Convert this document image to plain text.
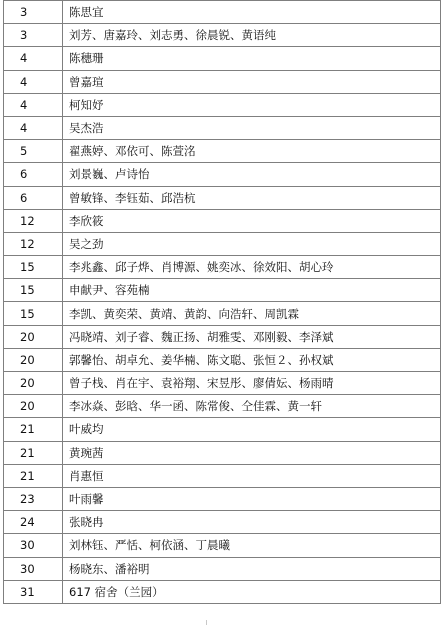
3	陈思宜
3	刘芳、唐嘉玲、刘志勇、徐晨锐、黄语纯
4	陈穗珊
4	曾嘉瑄
4	柯知妤
4	吴杰浩
5	翟燕婷、邓依可、陈萱洺
6	刘景巍、卢诗怡
6	曾敏锋、李钰茹、邱浩杭
12	李欣筱
12	吴之劲
15	李兆鑫、邱子烨、肖博源、姚奕冰、徐效阳、胡心玲
15	申献尹、容苑楠
15	李凯、黄奕荣、黄靖、黄韵、向浩轩、周凯霖
20	冯晓靖、刘子睿、魏正扬、胡雅雯、邓刚毅、李泽斌
20	郭馨怡、胡卓允、姜华楠、陈文聪、张恒２、孙权斌
20	曾子栈、肖在宇、袁裕翔、宋昱彤、廖倩妘、杨雨晴
20	李冰焱、彭晗、华一函、陈常俊、仝佳霖、黄一轩
21	叶威均
21	黄琬茜
21	肖惠恒
23	叶雨馨
24	张晓冉
30	刘林钰、严恬、柯依涵、丁晨曦
30	杨晓东、潘裕明
31	617 宿舍（兰园）
